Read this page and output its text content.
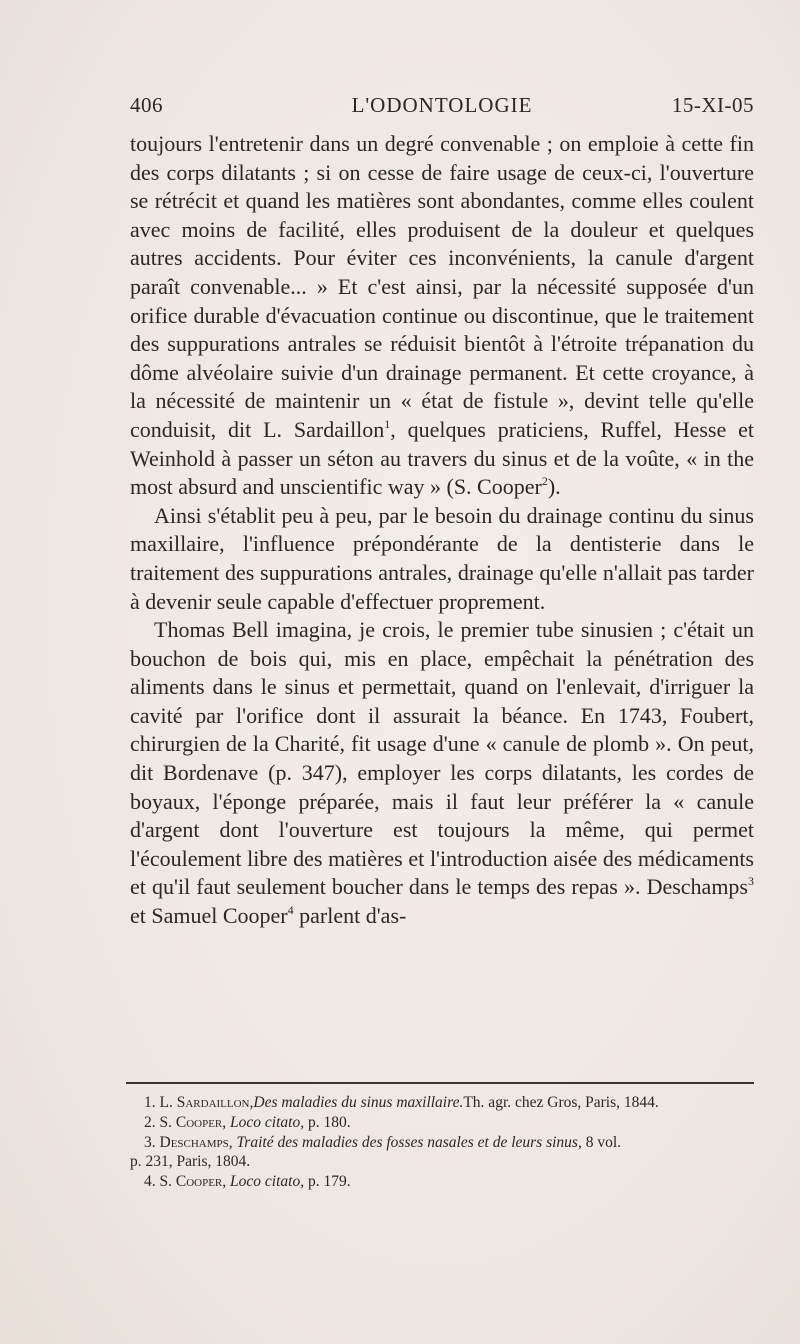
406	L'ODONTOLOGIE	15-XI-05

toujours l'entretenir dans un degré convenable ; on emploie à cette fin des corps dilatants ; si on cesse de faire usage de ceux-ci, l'ouverture se rétrécit et quand les matières sont abondantes, comme elles coulent avec moins de facilité, elles produisent de la douleur et quelques autres accidents. Pour éviter ces inconvénients, la canule d'argent paraît convenable... » Et c'est ainsi, par la nécessité supposée d'un orifice durable d'évacuation continue ou discontinue, que le traitement des suppurations antrales se réduisit bientôt à l'étroite trépanation du dôme alvéolaire suivie d'un drainage permanent. Et cette croyance, à la nécessité de maintenir un « état de fistule », devint telle qu'elle conduisit, dit L. Sardaillon$^1$, quelques praticiens, Ruffel, Hesse et Weinhold à passer un séton au travers du sinus et de la voûte, « in the most absurd and unscientific way » (S. Cooper$^2$).

Ainsi s'établit peu à peu, par le besoin du drainage continu du sinus maxillaire, l'influence prépondérante de la dentisterie dans le traitement des suppurations antrales, drainage qu'elle n'allait pas tarder à devenir seule capable d'effectuer proprement.

Thomas Bell imagina, je crois, le premier tube sinusien ; c'était un bouchon de bois qui, mis en place, empêchait la pénétration des aliments dans le sinus et permettait, quand on l'enlevait, d'irriguer la cavité par l'orifice dont il assurait la béance. En 1743, Foubert, chirurgien de la Charité, fit usage d'une « canule de plomb ». On peut, dit Bordenave (p. 347), employer les corps dilatants, les cordes de boyaux, l'éponge préparée, mais il faut leur préférer la « canule d'argent dont l'ouverture est toujours la même, qui permet l'écoulement libre des matières et l'introduction aisée des médicaments et qu'il faut seulement boucher dans le temps des repas ». Deschamps$^3$ et Samuel Cooper$^4$ parlent d'as-

1. L. Sardaillon,Des maladies du sinus maxillaire.Th. agr. chez Gros, Paris, 1844.
2. S. Cooper, Loco citato, p. 180.
3. Deschamps, Traité des maladies des fosses nasales et de leurs sinus, 8 vol.
p. 231, Paris, 1804.
4. S. Cooper, Loco citato, p. 179.
